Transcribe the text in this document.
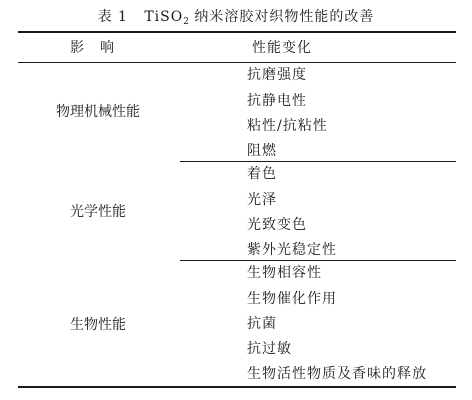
表 1 TiSO$_2$ 纳米溶胶对织物性能的改善
影　响	性能变化
物理机械性能
抗磨强度
抗静电性
粘性/抗粘性
阻燃
光学性能
着色
光泽
光致变色
紫外光稳定性
生物性能
生物相容性
生物催化作用
抗菌
抗过敏
生物活性物质及香味的释放
